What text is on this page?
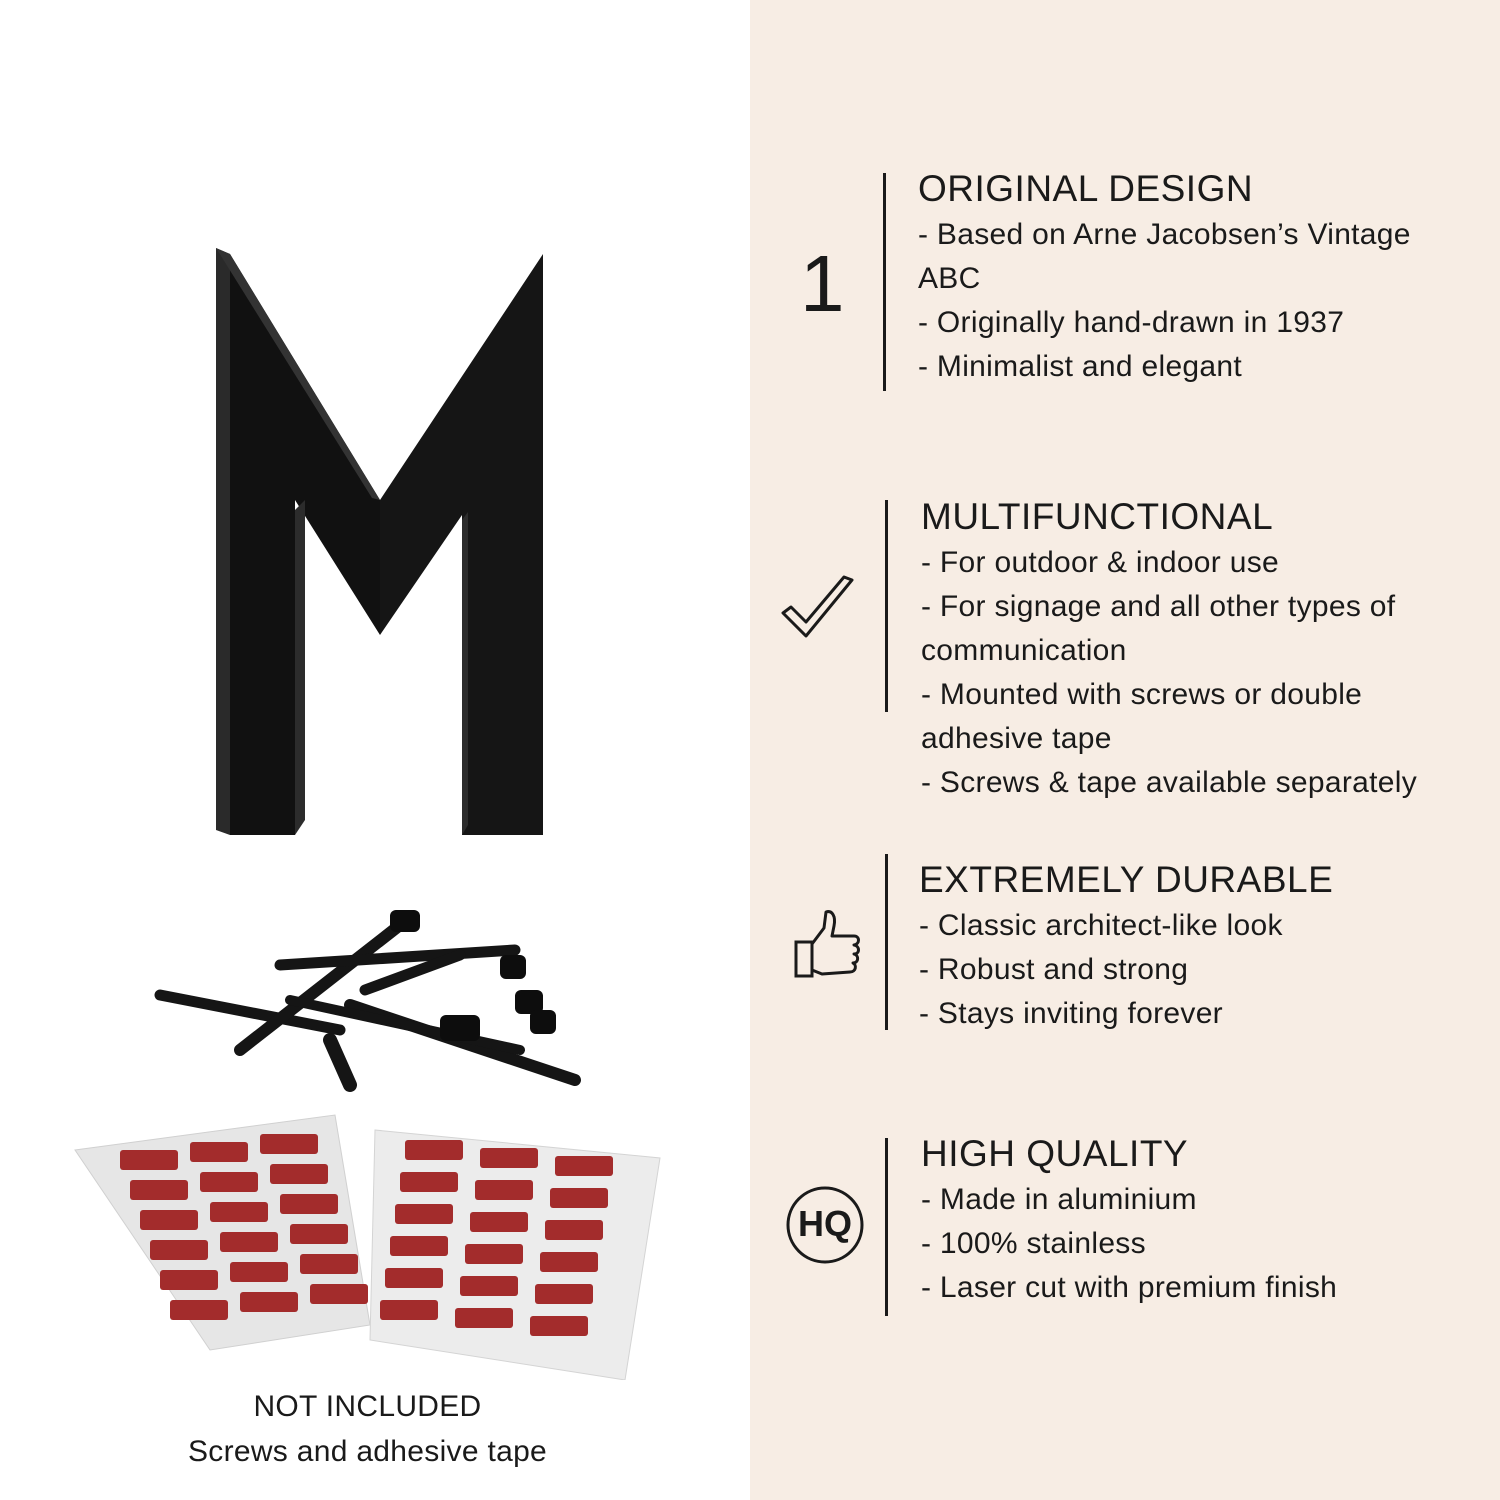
NOT INCLUDED
Screws and adhesive tape
1
ORIGINAL DESIGN
- Based on Arne Jacobsen’s Vintage
ABC
- Originally hand-drawn in 1937
- Minimalist and elegant
MULTIFUNCTIONAL
- For outdoor & indoor use
- For signage and all other types of
communication
- Mounted with screws or double
adhesive tape
- Screws & tape available separately
EXTREMELY DURABLE
- Classic architect-like look
- Robust and strong
- Stays inviting forever
HQ
HIGH QUALITY
- Made in aluminium
- 100% stainless
- Laser cut with premium finish
